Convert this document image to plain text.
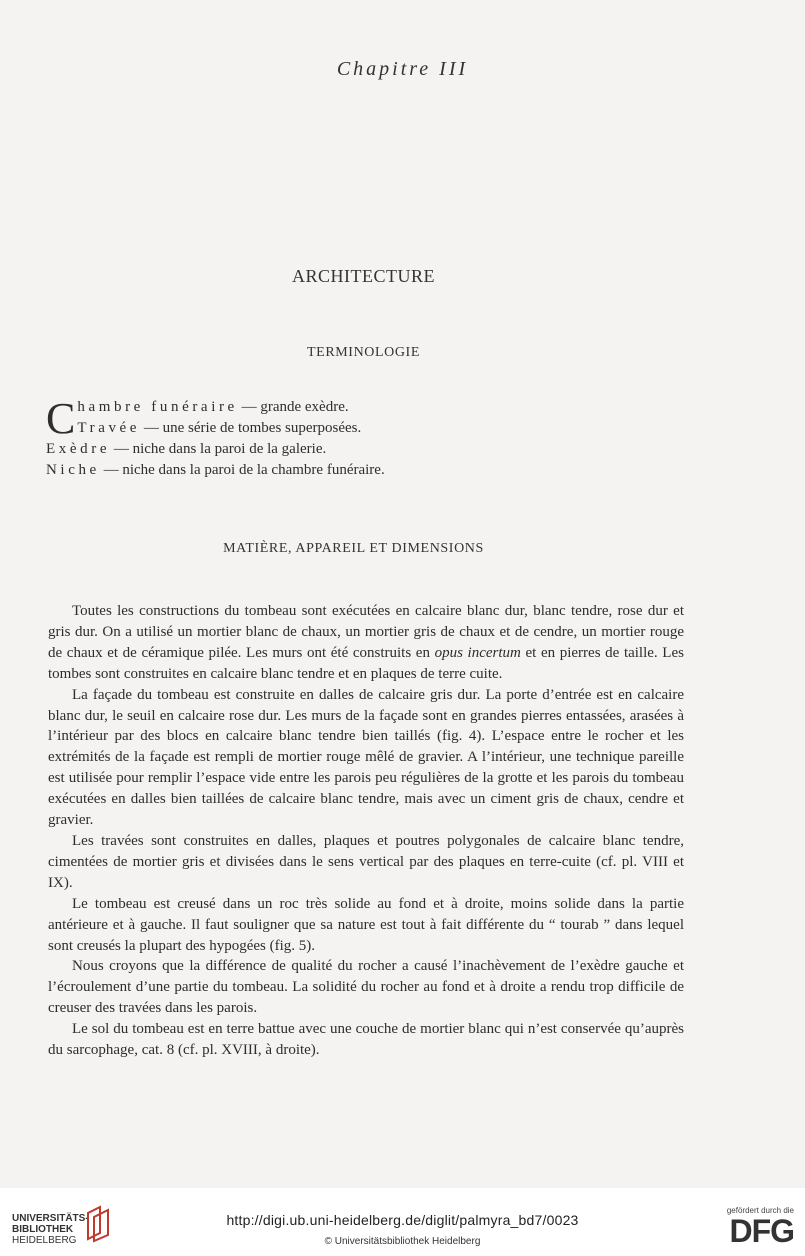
Chapitre III
ARCHITECTURE
TERMINOLOGIE
Chambre funéraire — grande exèdre.
Travée — une série de tombes superposées.
Exèdre — niche dans la paroi de la galerie.
Niche — niche dans la paroi de la chambre funéraire.
MATIÈRE, APPAREIL ET DIMENSIONS

Toutes les constructions du tombeau sont exécutées en calcaire blanc dur, blanc tendre, rose dur et gris dur. On a utilisé un mortier blanc de chaux, un mortier gris de chaux et de cendre, un mortier rouge de chaux et de céramique pilée. Les murs ont été construits en opus incertum et en pierres de taille. Les tombes sont construites en calcaire blanc tendre et en plaques de terre cuite.

La façade du tombeau est construite en dalles de calcaire gris dur. La porte d’entrée est en calcaire blanc dur, le seuil en calcaire rose dur. Les murs de la façade sont en grandes pierres entassées, arasées à l’intérieur par des blocs en calcaire blanc tendre bien taillés (fig. 4). L’espace entre le rocher et les extrémités de la façade est rempli de mortier rouge mêlé de gravier. A l’intérieur, une technique pareille est utilisée pour remplir l’espace vide entre les parois peu régulières de la grotte et les parois du tombeau exécutées en dalles bien taillées de calcaire blanc tendre, mais avec un ciment gris de chaux, cendre et gravier.

Les travées sont construites en dalles, plaques et poutres polygonales de calcaire blanc tendre, cimentées de mortier gris et divisées dans le sens vertical par des plaques en terre-cuite (cf. pl. VIII et IX).

Le tombeau est creusé dans un roc très solide au fond et à droite, moins solide dans la partie antérieure et à gauche. Il faut souligner que sa nature est tout à fait différente du “ tourab ” dans lequel sont creusés la plupart des hypogées (fig. 5).

Nous croyons que la différence de qualité du rocher a causé l’inachèvement de l’exèdre gauche et l’écroulement d’une partie du tombeau. La solidité du rocher au fond et à droite a rendu trop difficile de creuser des travées dans les parois.

Le sol du tombeau est en terre battue avec une couche de mortier blanc qui n’est conservée qu’auprès du sarcophage, cat. 8 (cf. pl. XVIII, à droite).

UNIVERSITÄTS-
BIBLIOTHEK
HEIDELBERG
http://digi.ub.uni-heidelberg.de/diglit/palmyra_bd7/0023
© Universitätsbibliothek Heidelberg
gefördert durch die
DFG
